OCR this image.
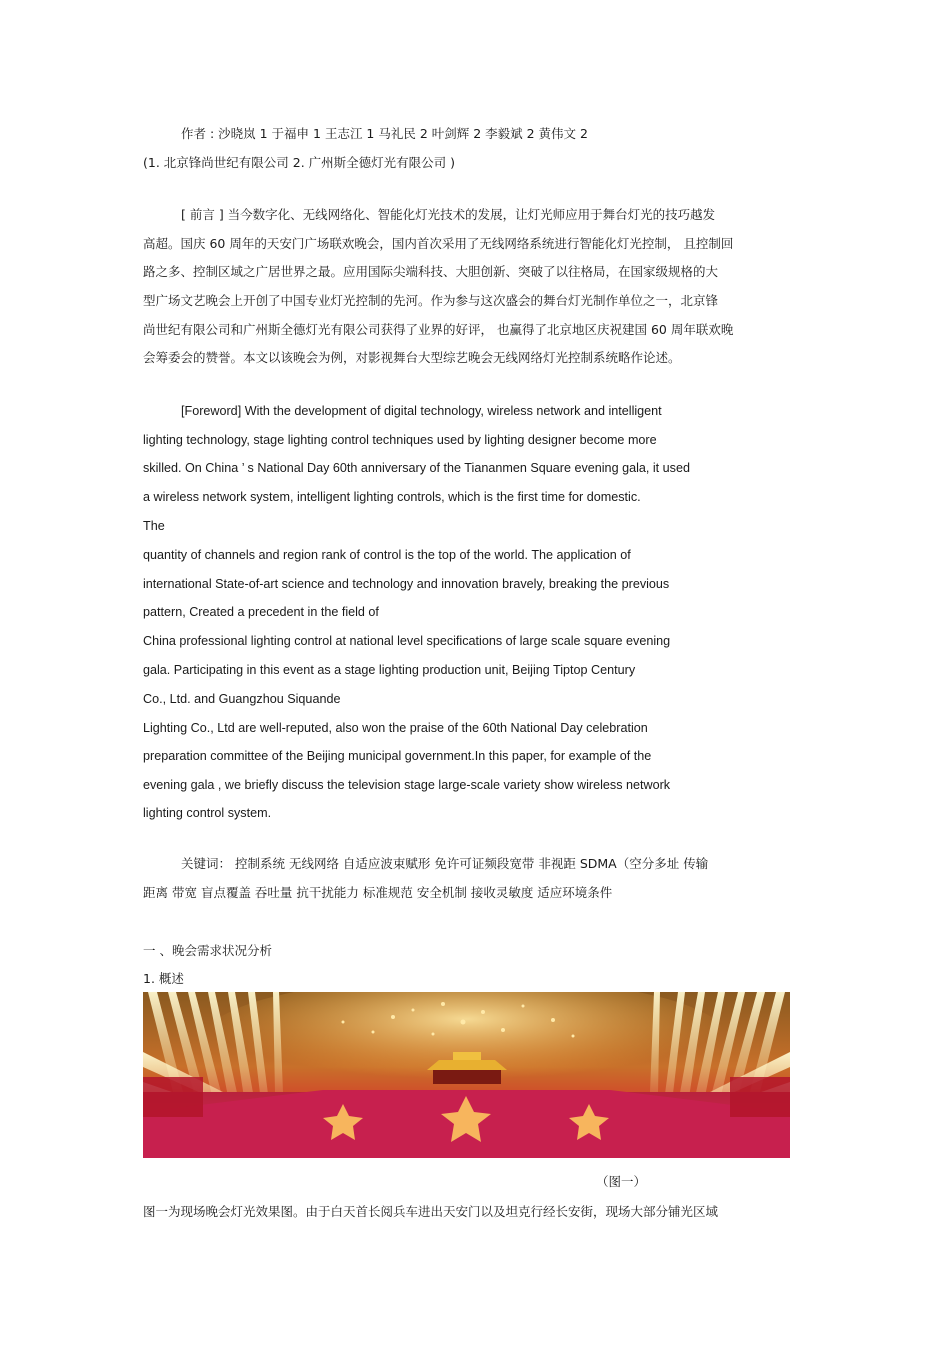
作者 : 沙晓岚 1 于福申 1 王志江 1 马礼民 2 叶剑辉 2 李毅斌 2 黄伟文 2
(1. 北京锋尚世纪有限公司 2. 广州斯全德灯光有限公司 )
[ 前言 ] 当今数字化、无线网络化、智能化灯光技术的发展，让灯光师应用于舞台灯光的技巧越发
高超。国庆 60 周年的天安门广场联欢晚会，国内首次采用了无线网络系统进行智能化灯光控制， 且控制回
路之多、控制区域之广居世界之最。应用国际尖端科技、大胆创新、突破了以往格局，在国家级规格的大
型广场文艺晚会上开创了中国专业灯光控制的先河。作为参与这次盛会的舞台灯光制作单位之一，北京锋
尚世纪有限公司和广州斯全德灯光有限公司获得了业界的好评， 也赢得了北京地区庆祝建国 60 周年联欢晚
会筹委会的赞誉。本文以该晚会为例，对影视舞台大型综艺晚会无线网络灯光控制系统略作论述。
[Foreword] With the development of digital technology, wireless network and intelligent
lighting technology, stage lighting control techniques used by lighting designer become more
skilled. On China ’ s National Day 60th anniversary of the Tiananmen Square evening gala, it used
a wireless network system, intelligent lighting controls, which is the first time for domestic.
The
quantity of channels and region rank of control is the top of the world. The application of
international State-of-art science and technology and innovation bravely, breaking the previous
pattern, Created a precedent in the field of
China professional lighting control at national level specifications of large scale square evening
gala. Participating in this event as a stage lighting production unit, Beijing Tiptop Century
Co., Ltd. and Guangzhou Siquande
Lighting Co., Ltd are well-reputed, also won the praise of the 60th National Day celebration
preparation committee of the Beijing municipal government.In this paper, for example of the
evening gala , we briefly discuss the television stage large-scale variety show wireless network
lighting control system.
关键词： 控制系统 无线网络 自适应波束赋形 免许可证频段宽带 非视距 SDMA（空分多址 传输
距离 带宽 盲点覆盖 吞吐量 抗干扰能力 标准规范 安全机制 接收灵敏度 适应环境条件
一 、晚会需求状况分析
1. 概述
（图一）
图一为现场晚会灯光效果图。由于白天首长阅兵车进出天安门以及坦克行经长安街，现场大部分铺光区域
